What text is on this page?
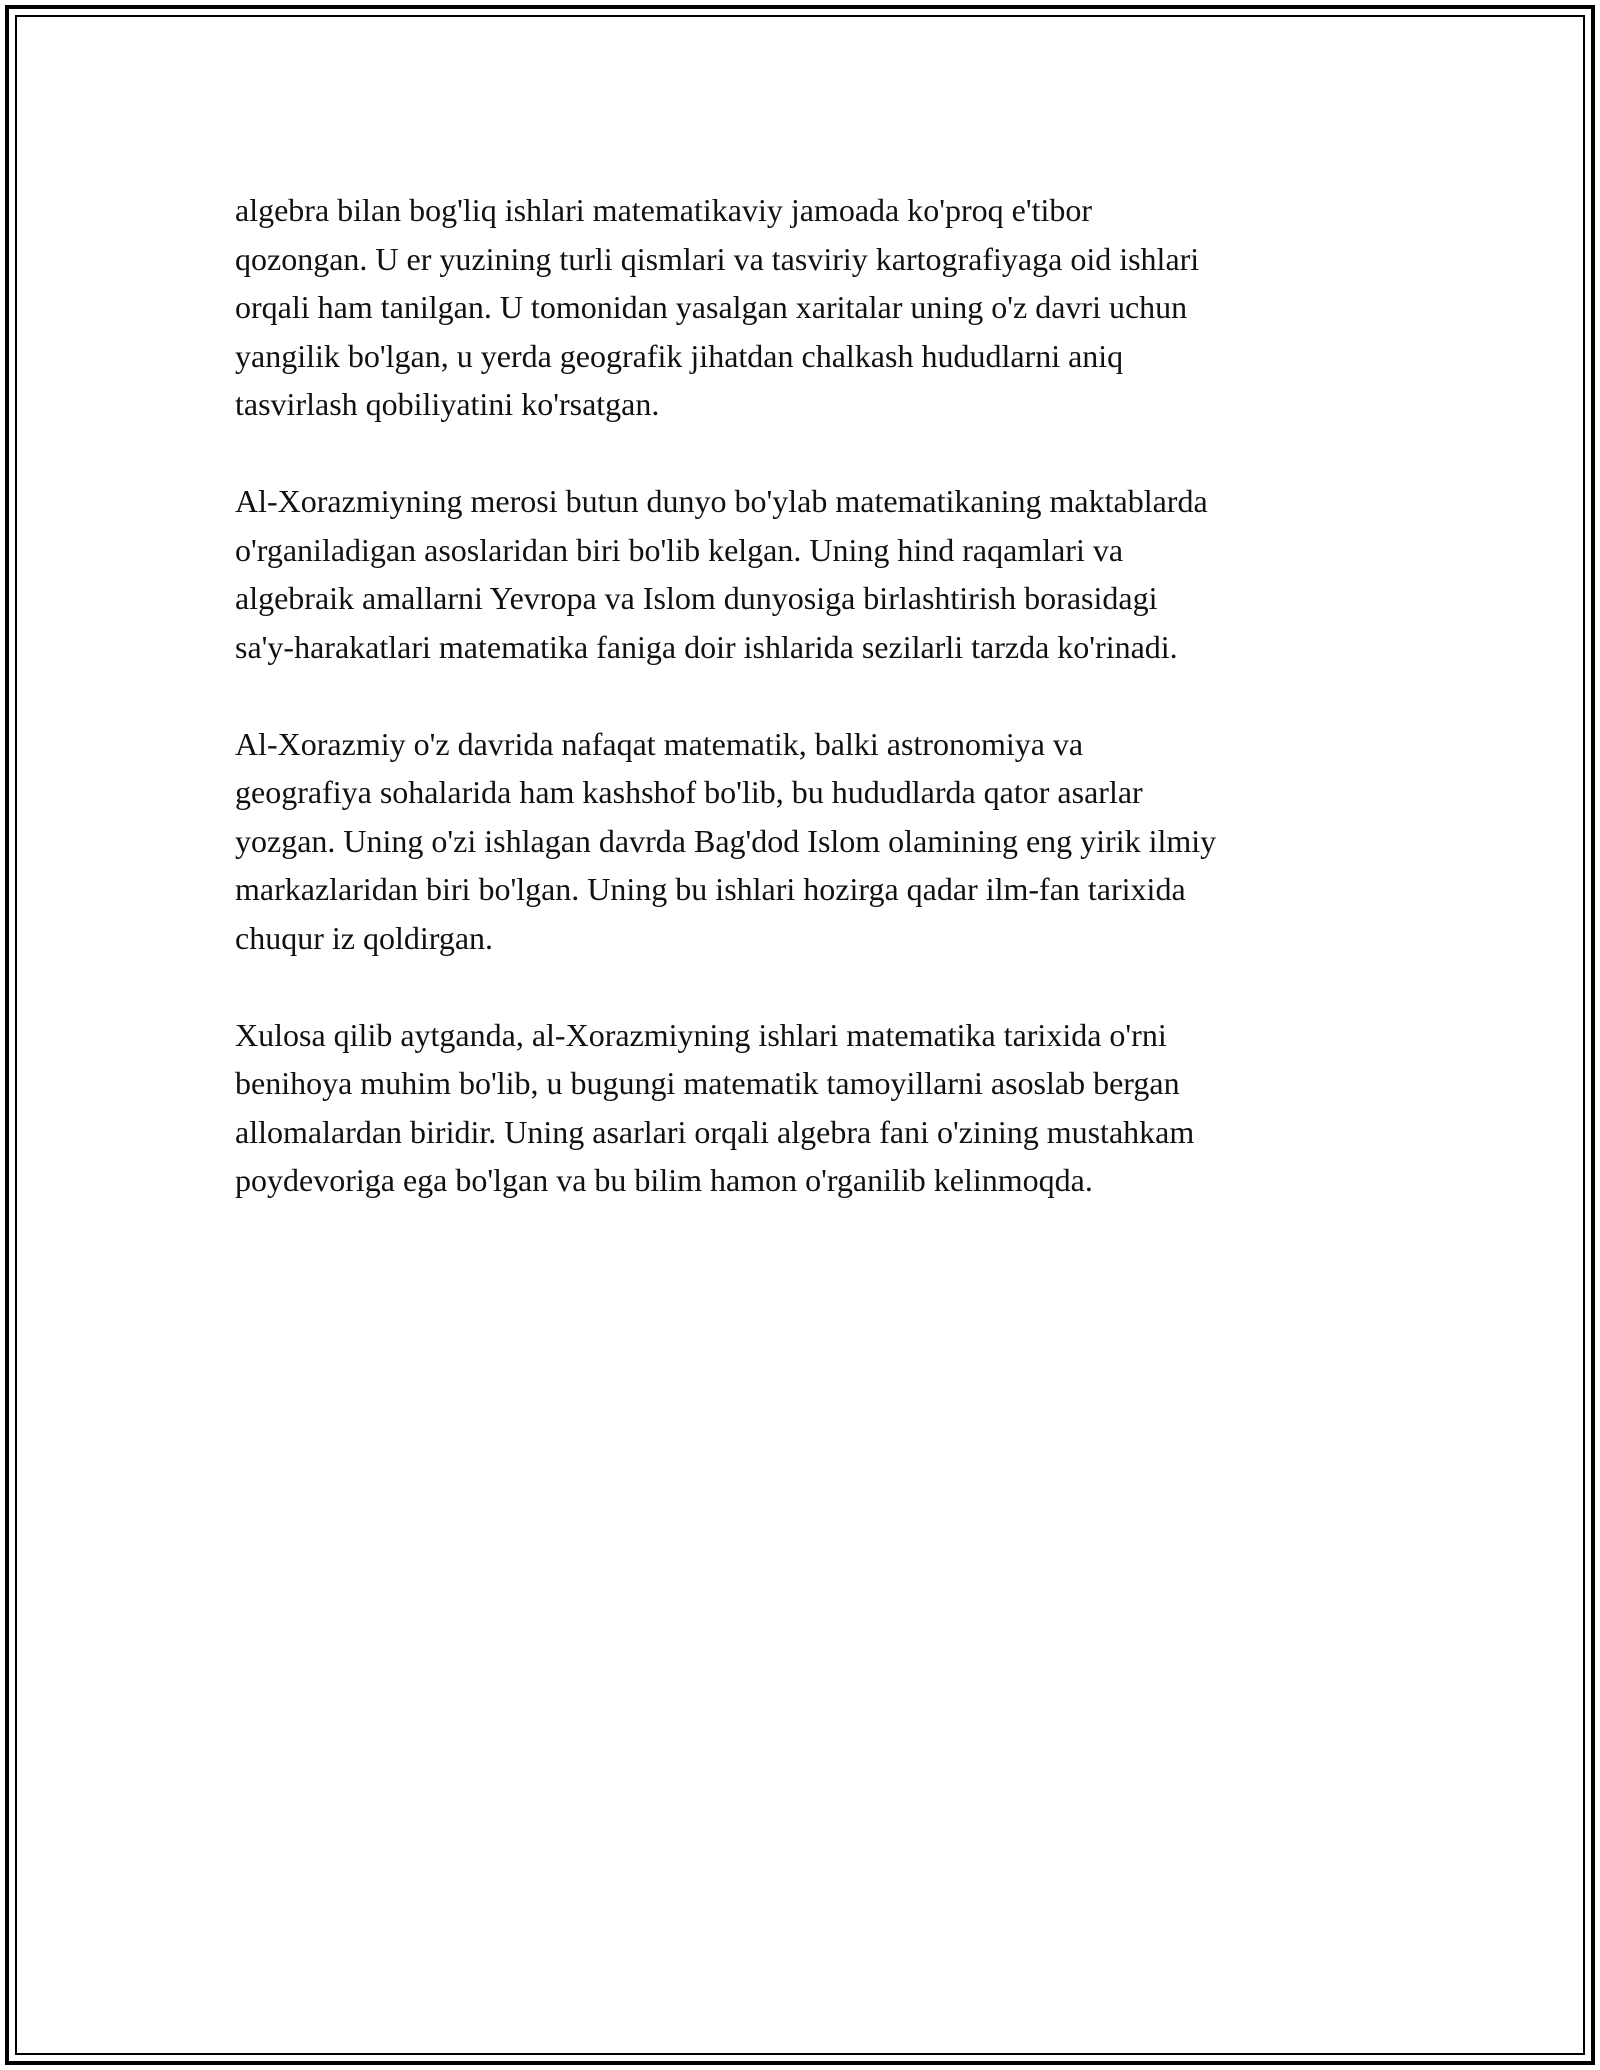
algebra bilan bog'liq ishlari matematikaviy jamoada ko'proq e'tibor
qozongan. U er yuzining turli qismlari va tasviriy kartografiyaga oid ishlari
orqali ham tanilgan. U tomonidan yasalgan xaritalar uning o'z davri uchun
yangilik bo'lgan, u yerda geografik jihatdan chalkash hududlarni aniq
tasvirlash qobiliyatini ko'rsatgan.

Al-Xorazmiyning merosi butun dunyo bo'ylab matematikaning maktablarda
o'rganiladigan asoslaridan biri bo'lib kelgan. Uning hind raqamlari va
algebraik amallarni Yevropa va Islom dunyosiga birlashtirish borasidagi
sa'y-harakatlari matematika faniga doir ishlarida sezilarli tarzda ko'rinadi.

Al-Xorazmiy o'z davrida nafaqat matematik, balki astronomiya va
geografiya sohalarida ham kashshof bo'lib, bu hududlarda qator asarlar
yozgan. Uning o'zi ishlagan davrda Bag'dod Islom olamining eng yirik ilmiy
markazlaridan biri bo'lgan. Uning bu ishlari hozirga qadar ilm-fan tarixida
chuqur iz qoldirgan.

Xulosa qilib aytganda, al-Xorazmiyning ishlari matematika tarixida o'rni
benihoya muhim bo'lib, u bugungi matematik tamoyillarni asoslab bergan
allomalardan biridir. Uning asarlari orqali algebra fani o'zining mustahkam
poydevoriga ega bo'lgan va bu bilim hamon o'rganilib kelinmoqda.
